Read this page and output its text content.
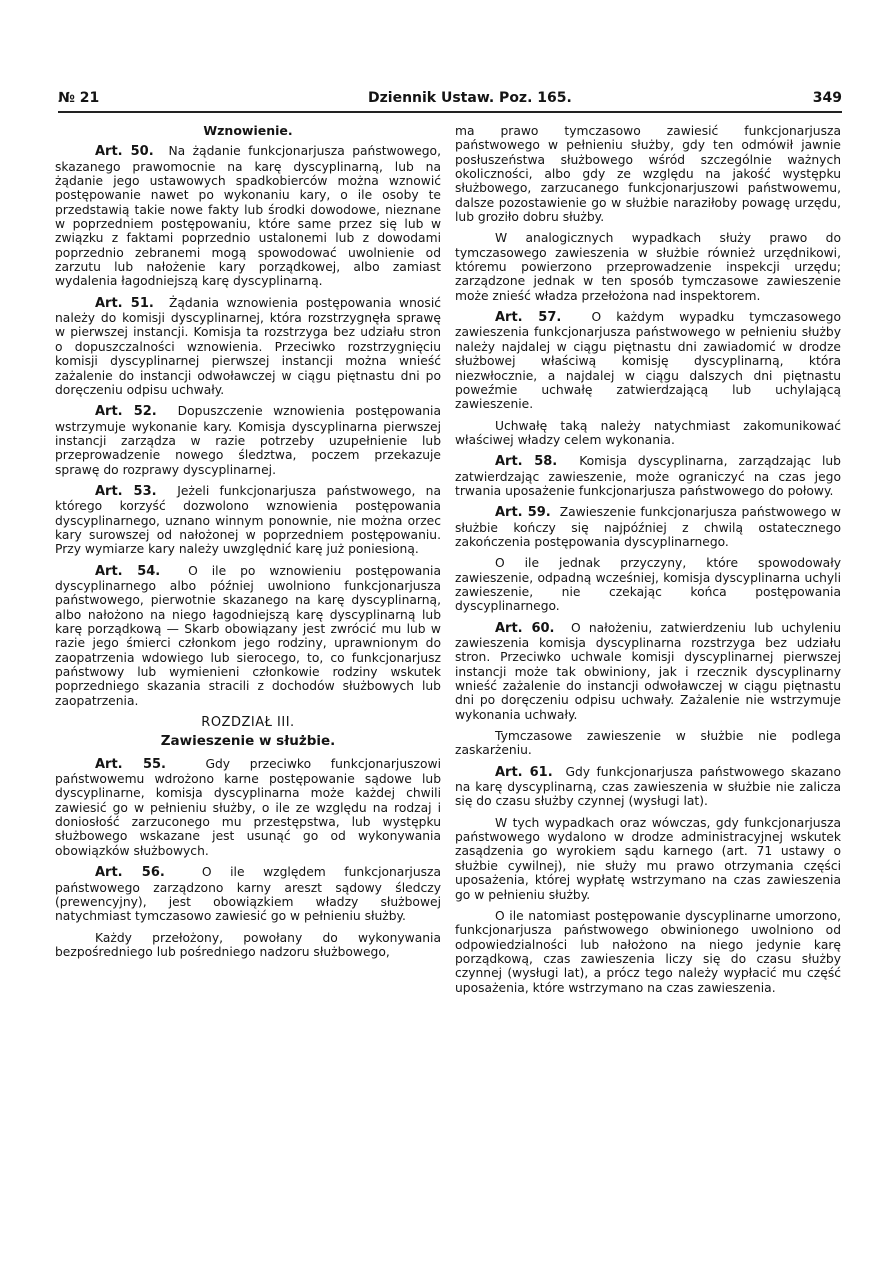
№ 21	Dziennik Ustaw. Poz. 165.	349
Wznowienie.

Art. 50. Na żądanie funkcjonarjusza państwowego, skazanego prawomocnie na karę dyscyplinarną, lub na żądanie jego ustawowych spadkobierców można wznowić postępowanie nawet po wykonaniu kary, o ile osoby te przedstawią takie nowe fakty lub środki dowodowe, nieznane w poprzedniem postępowaniu, które same przez się lub w związku z faktami poprzednio ustalonemi lub z dowodami poprzednio zebranemi mogą spowodować uwolnienie od zarzutu lub nałożenie kary porządkowej, albo zamiast wydalenia łagodniejszą karę dyscyplinarną.

Art. 51. Żądania wznowienia postępowania wnosić należy do komisji dyscyplinarnej, która rozstrzygnęła sprawę w pierwszej instancji. Komisja ta rozstrzyga bez udziału stron o dopuszczalności wznowienia. Przeciwko rozstrzygnięciu komisji dyscyplinarnej pierwszej instancji można wnieść zażalenie do instancji odwoławczej w ciągu piętnastu dni po doręczeniu odpisu uchwały.

Art. 52. Dopuszczenie wznowienia postępowania wstrzymuje wykonanie kary. Komisja dyscyplinarna pierwszej instancji zarządza w razie potrzeby uzupełnienie lub przeprowadzenie nowego śledztwa, poczem przekazuje sprawę do rozprawy dyscyplinarnej.

Art. 53. Jeżeli funkcjonarjusza państwowego, na którego korzyść dozwolono wznowienia postępowania dyscyplinarnego, uznano winnym ponownie, nie można orzec kary surowszej od nałożonej w poprzedniem postępowaniu. Przy wymiarze kary należy uwzględnić karę już poniesioną.

Art. 54. O ile po wznowieniu postępowania dyscyplinarnego albo później uwolniono funkcjonarjusza państwowego, pierwotnie skazanego na karę dyscyplinarną, albo nałożono na niego łagodniejszą karę dyscyplinarną lub karę porządkową — Skarb obowiązany jest zwrócić mu lub w razie jego śmierci członkom jego rodziny, uprawnionym do zaopatrzenia wdowiego lub sierocego, to, co funkcjonarjusz państwowy lub wymienieni członkowie rodziny wskutek poprzedniego skazania stracili z dochodów służbowych lub zaopatrzenia.

ROZDZIAŁ III.
Zawieszenie w służbie.

Art. 55.	Gdy przeciwko funkcjonarjuszowi państwowemu wdrożono karne postępowanie sądowe lub dyscyplinarne, komisja dyscyplinarna może każdej chwili zawiesić go w pełnieniu służby, o ile ze względu na rodzaj i doniosłość zarzuconego mu przestępstwa, lub występku służbowego wskazane jest usunąć go od wykonywania obowiązków służbowych.

Art. 56.	O ile względem funkcjonarjusza państwowego zarządzono karny areszt sądowy śledczy (prewencyjny), jest obowiązkiem władzy służbowej natychmiast tymczasowo zawiesić go w pełnieniu służby.

Każdy przełożony, powołany do wykonywania bezpośredniego lub pośredniego nadzoru służbowego,

ma prawo tymczasowo zawiesić funkcjonarjusza państwowego w pełnieniu służby, gdy ten odmówił jawnie posłuszeństwa służbowego wśród szczególnie ważnych okoliczności, albo gdy ze względu na jakość występku służbowego, zarzucanego funkcjonarjuszowi państwowemu, dalsze pozostawienie go w służbie naraziłoby powagę urzędu, lub groziło dobru służby.

W analogicznych wypadkach służy prawo do tymczasowego zawieszenia w służbie również urzędnikowi, któremu powierzono przeprowadzenie inspekcji urzędu; zarządzone jednak w ten sposób tymczasowe zawieszenie może znieść władza przełożona nad inspektorem.

Art. 57. O każdym wypadku tymczasowego zawieszenia funkcjonarjusza państwowego w pełnieniu służby należy najdalej w ciągu piętnastu dni zawiadomić w drodze służbowej właściwą komisję dyscyplinarną, która niezwłocznie, a najdalej w ciągu dalszych dni piętnastu poweźmie uchwałę zatwierdzającą lub uchylającą zawieszenie.

Uchwałę taką należy natychmiast zakomunikować właściwej władzy celem wykonania.

Art. 58. Komisja dyscyplinarna, zarządzając lub zatwierdzając zawieszenie, może ograniczyć na czas jego trwania uposażenie funkcjonarjusza państwowego do połowy.

Art. 59. Zawieszenie funkcjonarjusza państwowego w służbie kończy się najpóźniej z chwilą ostatecznego zakończenia postępowania dyscyplinarnego.

O ile jednak przyczyny, które spowodowały zawieszenie, odpadną wcześniej, komisja dyscyplinarna uchyli zawieszenie, nie czekając końca postępowania dyscyplinarnego.

Art. 60. O nałożeniu, zatwierdzeniu lub uchyleniu zawieszenia komisja dyscyplinarna rozstrzyga bez udziału stron. Przeciwko uchwale komisji dyscyplinarnej pierwszej instancji może tak obwiniony, jak i rzecznik dyscyplinarny wnieść zażalenie do instancji odwoławczej w ciągu piętnastu dni po doręczeniu odpisu uchwały. Zażalenie nie wstrzymuje wykonania uchwały.

Tymczasowe zawieszenie w służbie nie podlega zaskarżeniu.

Art. 61. Gdy funkcjonarjusza państwowego skazano na karę dyscyplinarną, czas zawieszenia w służbie nie zalicza się do czasu służby czynnej (wysługi lat).

W tych wypadkach oraz wówczas, gdy funkcjonarjusza państwowego wydalono w drodze administracyjnej wskutek zasądzenia go wyrokiem sądu karnego (art. 71 ustawy o służbie cywilnej), nie służy mu prawo otrzymania części uposażenia, której wypłatę wstrzymano na czas zawieszenia go w pełnieniu służby.

O ile natomiast postępowanie dyscyplinarne umorzono, funkcjonarjusza państwowego obwinionego uwolniono od odpowiedzialności lub nałożono na niego jedynie karę porządkową, czas zawieszenia liczy się do czasu służby czynnej (wysługi lat), a prócz tego należy wypłacić mu część uposażenia, które wstrzymano na czas zawieszenia.
